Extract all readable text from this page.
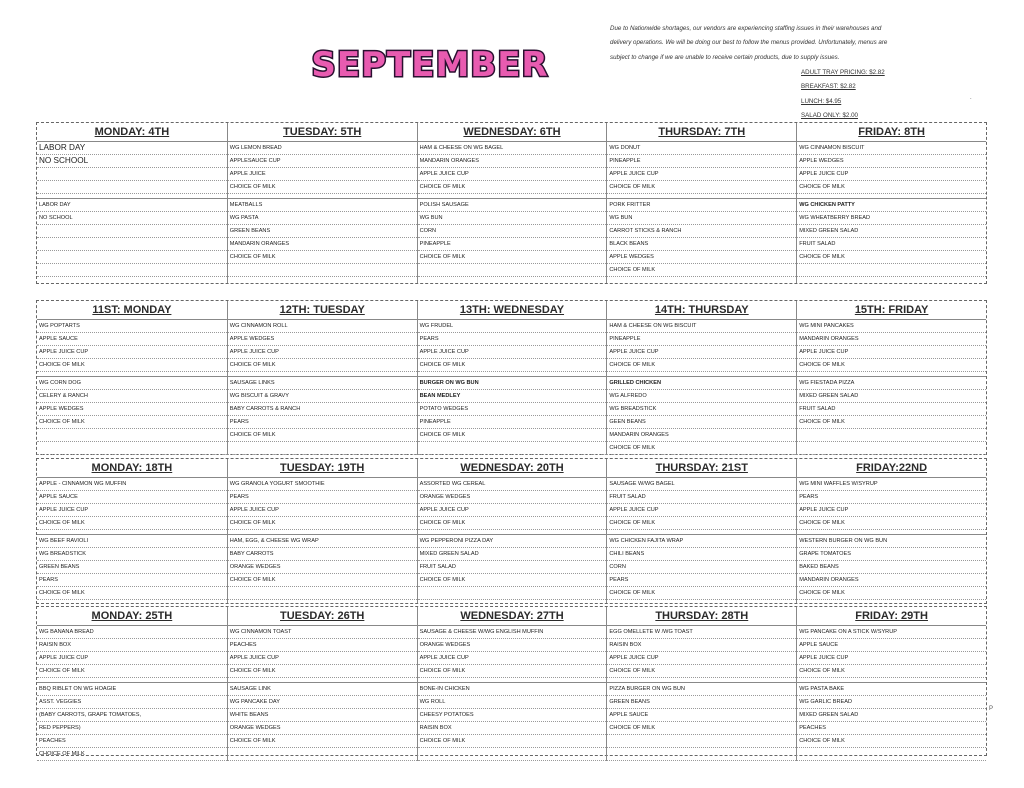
SEPTEMBER
Due to Nationwide shortages, our vendors are experiencing staffing issues in their warehouses and delivery operations. We will be doing our best to follow the menus provided. Unfortunately, menus are subject to change if we are unable to receive certain products, due to supply issues.
ADULT TRAY PRICING: $2.82
BREAKFAST: $2.82
LUNCH: $4.95
SALAD ONLY: $2.00
.
P
MONDAY: 4TH
LABOR DAY
NO SCHOOL
LABOR DAY
NO SCHOOL
TUESDAY: 5TH
WG LEMON BREAD
APPLESAUCE CUP
APPLE JUICE
CHOICE OF MILK
MEATBALLS
WG PASTA
GREEN BEANS
MANDARIN ORANGES
CHOICE OF MILK
WEDNESDAY: 6TH
HAM & CHEESE ON WG BAGEL
MANDARIN ORANGES
APPLE JUICE CUP
CHOICE OF MILK
POLISH SAUSAGE
WG BUN
CORN
PINEAPPLE
CHOICE OF MILK
THURSDAY: 7TH
WG DONUT
PINEAPPLE
APPLE JUICE CUP
CHOICE OF MILK
PORK FRITTER
WG BUN
CARROT STICKS & RANCH
BLACK BEANS
APPLE WEDGES
CHOICE OF MILK
FRIDAY: 8TH
WG CINNAMON BISCUIT
APPLE WEDGES
APPLE JUICE CUP
CHOICE OF MILK
WG CHICKEN PATTY
WG WHEATBERRY BREAD
MIXED GREEN SALAD
FRUIT SALAD
CHOICE OF MILK
11ST: MONDAY
WG POPTARTS
APPLE SAUCE
APPLE JUICE CUP
CHOICE OF MILK
WG CORN DOG
CELERY & RANCH
APPLE WEDGES
CHOICE OF MILK
12TH: TUESDAY
WG CINNAMON ROLL
APPLE WEDGES
APPLE JUICE CUP
CHOICE OF MILK
SAUSAGE LINKS
WG BISCUIT & GRAVY
BABY CARROTS & RANCH
PEARS
CHOICE OF MILK
13TH: WEDNESDAY
WG FRUDEL
PEARS
APPLE JUICE CUP
CHOICE OF MILK
BURGER ON WG BUN
BEAN MEDLEY
POTATO WEDGES
PINEAPPLE
CHOICE OF MILK
14TH: THURSDAY
HAM & CHEESE ON WG BISCUIT
PINEAPPLE
APPLE JUICE CUP
CHOICE OF MILK
GRILLED CHICKEN
WG ALFREDO
WG BREADSTICK
GEEN BEANS
MANDARIN ORANGES
CHOICE OF MILK
15TH: FRIDAY
WG MINI PANCAKES
MANDARIN ORANGES
APPLE JUICE CUP
CHOICE OF MILK
WG FIESTADA PIZZA
MIXED GREEN SALAD
FRUIT SALAD
CHOICE OF MILK
MONDAY: 18TH
APPLE - CINNAMON WG MUFFIN
APPLE SAUCE
APPLE JUICE CUP
CHOICE OF MILK
WG BEEF RAVIOLI
WG BREADSTICK
GREEN BEANS
PEARS
CHOICE OF MILK
TUESDAY: 19TH
WG GRANOLA YOGURT SMOOTHIE
PEARS
APPLE JUICE CUP
CHOICE OF MILK
HAM, EGG, & CHEESE WG WRAP
BABY CARROTS
ORANGE WEDGES
CHOICE OF MILK
WEDNESDAY: 20TH
ASSORTED WG CEREAL
ORANGE WEDGES
APPLE JUICE CUP
CHOICE OF MILK
WG PEPPERONI PIZZA DAY
MIXED GREEN SALAD
FRUIT SALAD
CHOICE OF MILK
THURSDAY: 21ST
SAUSAGE W/WG BAGEL
FRUIT SALAD
APPLE JUICE CUP
CHOICE OF MILK
WG CHICKEN FAJITA WRAP
CHILI BEANS
CORN
PEARS
CHOICE OF MILK
FRIDAY:22ND
WG MINI WAFFLES W/SYRUP
PEARS
APPLE JUICE CUP
CHOICE OF MILK
WESTERN BURGER ON WG BUN
GRAPE TOMATOES
BAKED BEANS
MANDARIN ORANGES
CHOICE OF MILK
MONDAY: 25TH
WG BANANA BREAD
RAISIN BOX
APPLE JUICE CUP
CHOICE OF MILK
BBQ RIBLET ON WG HOAGIE
ASST. VEGGIES
(BABY CARROTS, GRAPE TOMATOES,
RED PEPPERS)
PEACHES
CHOICE OF MILK
TUESDAY: 26TH
WG CINNAMON TOAST
PEACHES
APPLE JUICE CUP
CHOICE OF MILK
SAUSAGE LINK
WG PANCAKE DAY
WHITE BEANS
ORANGE WEDGES
CHOICE OF MILK
WEDNESDAY: 27TH
SAUSAGE & CHEESE W/WG ENGLISH MUFFIN
ORANGE WEDGES
APPLE JUICE CUP
CHOICE OF MILK
BONE-IN CHICKEN
WG ROLL
CHEESY POTATOES
RAISIN BOX
CHOICE OF MILK
THURSDAY: 28TH
EGG OMELLETE W /WG TOAST
RAISIN BOX
APPLE JUICE CUP
CHOICE OF MILK
PIZZA BURGER ON WG BUN
GREEN BEANS
APPLE SAUCE
CHOICE OF MILK
FRIDAY: 29TH
WG PANCAKE ON A STICK W/SYRUP
APPLE SAUCE
APPLE JUICE CUP
CHOICE OF MILK
WG PASTA BAKE
WG GARLIC BREAD
MIXED GREEN SALAD
PEACHES
CHOICE OF MILK
